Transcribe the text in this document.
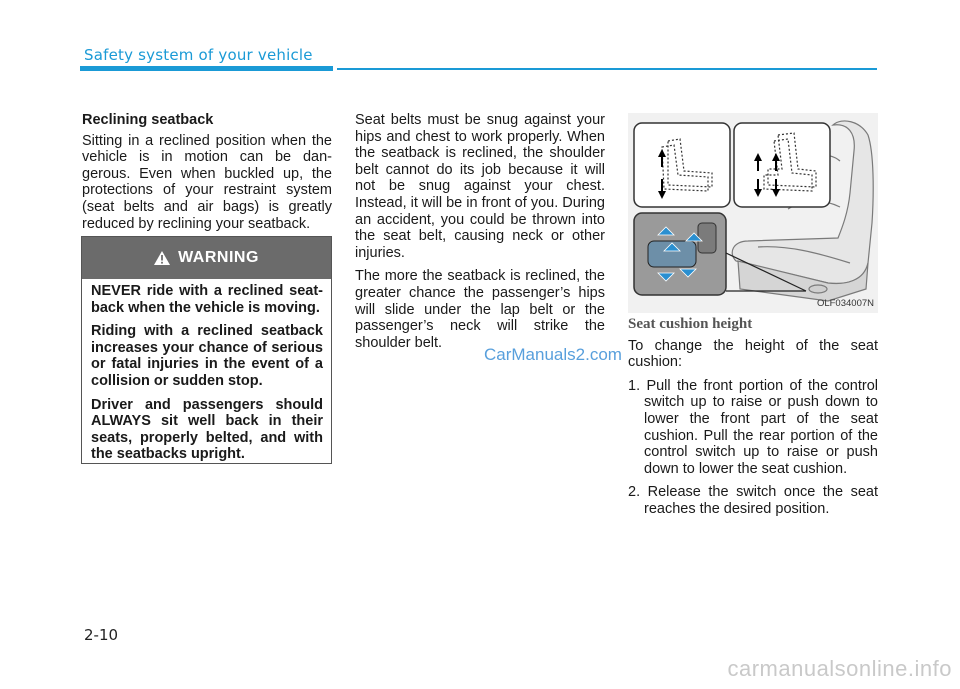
Safety system of your vehicle

Reclining seatback

Sitting in a reclined position when the vehicle is in motion can be dan-gerous. Even when buckled up, the protections of your restraint system (seat belts and air bags) is greatly reduced by reclining your seatback.

WARNING

NEVER ride with a reclined seat-back when the vehicle is moving.

Riding with a reclined seatback increases your chance of serious or fatal injuries in the event of a collision or sudden stop.

Driver and passengers should ALWAYS sit well back in their seats, properly belted, and with the seatbacks upright.

Seat belts must be snug against your hips and chest to work properly. When the seatback is reclined, the shoulder belt cannot do its job because it will not be snug against your chest. Instead, it will be in front of you. During an accident, you could be thrown into the seat belt, causing neck or other injuries.

The more the seatback is reclined, the greater chance the passenger’s hips will slide under the lap belt or the passenger’s neck will strike the shoulder belt.

CarManuals2.com
OLF034007N

Seat cushion height

To change the height of the seat cushion:

1. Pull the front portion of the control switch up to raise or push down to lower the front part of the seat cushion. Pull the rear portion of the control switch up to raise or push down to lower the seat cushion.

2. Release the switch once the seat reaches the desired position.

2-10
carmanualsonline.info
